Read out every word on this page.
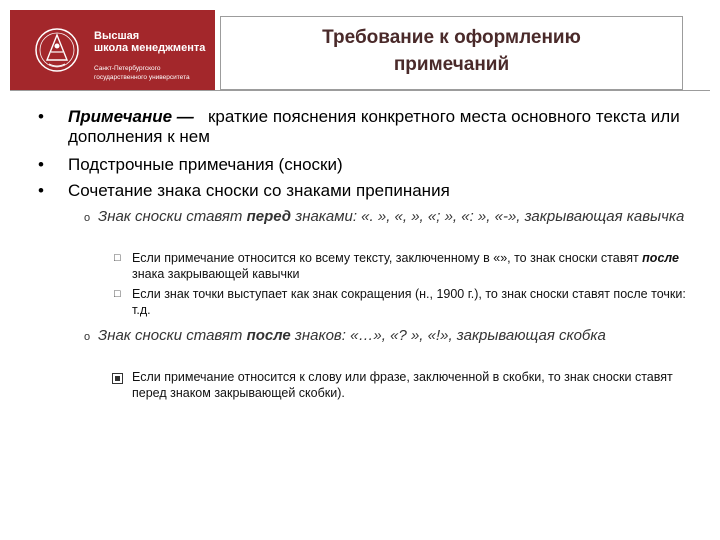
Высшая
школа менеджмента
Санкт-Петербургского
государственного университета
Требование к оформлению
примечаний
• Примечание —   краткие пояснения конкретного места основного текста или дополнения к нем
• Подстрочные примечания (сноски)
• Сочетание знака сноски со знаками препинания
o Знак сноски ставят перед знаками: «. », «, », «; », «: », «-», закрывающая кавычка
□ Если примечание относится ко всему тексту, заключенному в «», то знак сноски ставят после знака закрывающей кавычки
□ Если знак точки выступает как знак сокращения (н., 1900 г.), то знак сноски ставят после точки: т.д.
o Знак сноски ставят после знаков: «…», «? », «!», закрывающая скобка
Если примечание относится к слову или фразе, заключенной в скобки, то знак сноски ставят перед знаком закрывающей скобки).
